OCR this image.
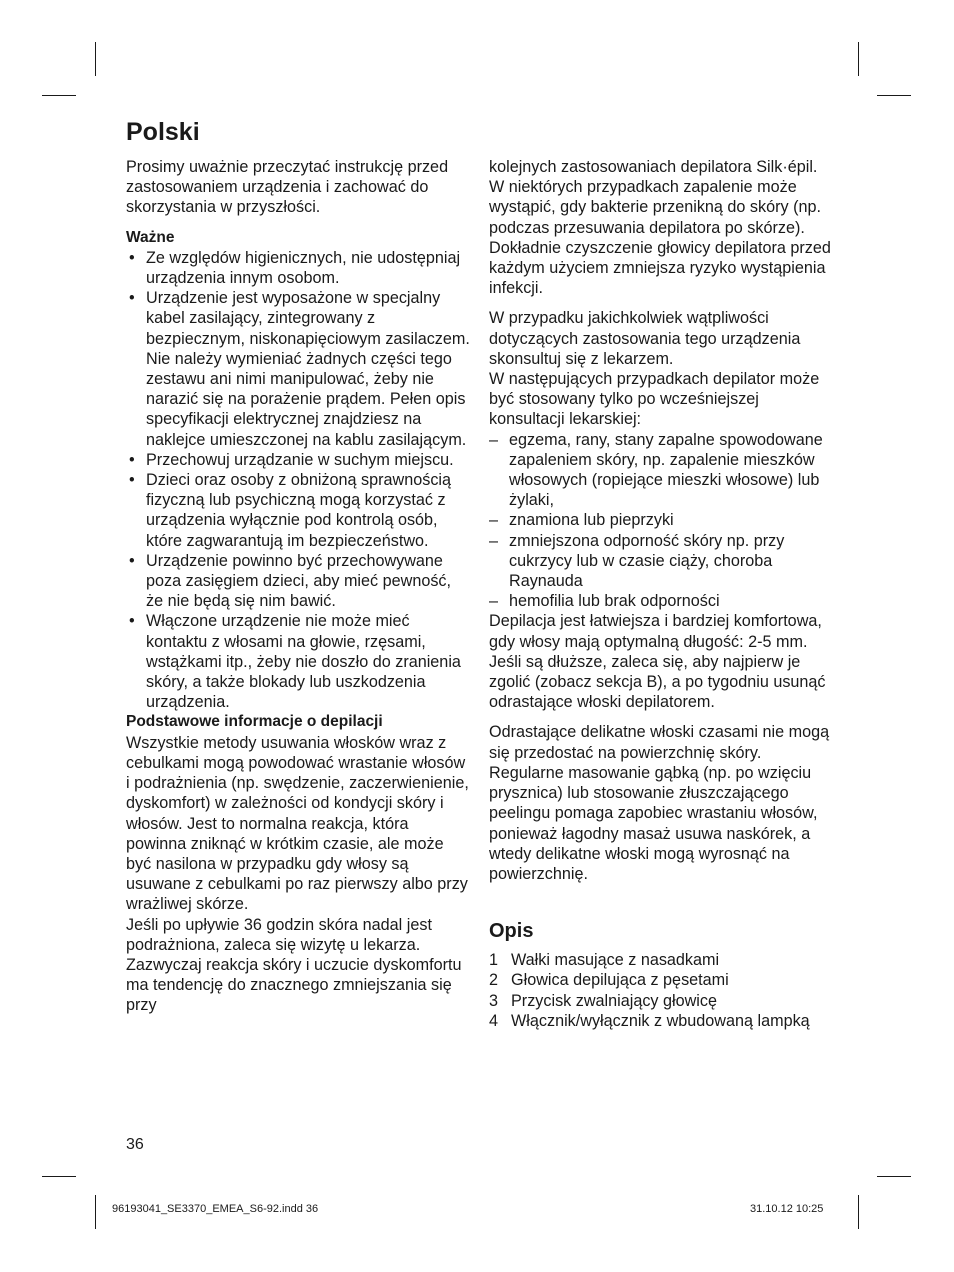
Polski

Prosimy uważnie przeczytać instrukcję przed zastosowaniem urządzenia i zachować do skorzystania w przyszłości.

Ważne

• Ze względów higienicznych, nie udostępniaj urządzenia innym osobom.
• Urządzenie jest wyposażone w specjalny kabel zasilający, zintegrowany z bezpiecznym, niskonapięciowym zasilaczem. Nie należy wymieniać żadnych części tego zestawu ani nimi manipulować, żeby nie narazić się na porażenie prądem. Pełen opis specyfikacji elektrycznej znajdziesz na naklejce umieszczonej na kablu zasilającym.
• Przechowuj urządzanie w suchym miejscu.
• Dzieci oraz osoby z obniżoną sprawnością fizyczną lub psychiczną mogą korzystać z urządzenia wyłącznie pod kontrolą osób, które zagwarantują im bezpieczeństwo.
• Urządzenie powinno być przechowywane poza zasięgiem dzieci, aby mieć pewność, że nie będą się nim bawić.
• Włączone urządzenie nie może mieć kontaktu z włosami na głowie, rzęsami, wstążkami itp., żeby nie doszło do zranienia skóry, a także blokady lub uszkodzenia urządzenia.

Podstawowe informacje o depilacji

Wszystkie metody usuwania włosków wraz z cebulkami mogą powodować wrastanie włosów i podrażnienia (np. swędzenie, zaczerwienienie, dyskomfort) w zależności od kondycji skóry i włosów. Jest to normalna reakcja, która powinna zniknąć w krótkim czasie, ale może być nasilona w przypadku gdy włosy są usuwane z cebulkami po raz pierwszy albo przy wrażliwej skórze.

Jeśli po upływie 36 godzin skóra nadal jest podrażniona, zaleca się wizytę u lekarza. Zazwyczaj reakcja skóry i uczucie dyskomfortu ma tendencję do znacznego zmniejszania się przy

kolejnych zastosowaniach depilatora Silk·épil. W niektórych przypadkach zapalenie może wystąpić, gdy bakterie przenikną do skóry (np. podczas przesuwania depilatora po skórze). Dokładnie czyszczenie głowicy depilatora przed każdym użyciem zmniejsza ryzyko wystąpienia infekcji.

W przypadku jakichkolwiek wątpliwości dotyczących zastosowania tego urządzenia skonsultuj się z lekarzem.

W następujących przypadkach depilator może być stosowany tylko po wcześniejszej konsultacji lekarskiej:

– egzema, rany, stany zapalne spowodowane zapaleniem skóry, np. zapalenie mieszków włosowych (ropiejące mieszki włosowe) lub żylaki,
– znamiona lub pieprzyki
– zmniejszona odporność skóry np. przy cukrzycy lub w czasie ciąży, choroba Raynauda
– hemofilia lub brak odporności

Depilacja jest łatwiejsza i bardziej komfortowa, gdy włosy mają optymalną długość: 2-5 mm. Jeśli są dłuższe, zaleca się, aby najpierw je zgolić (zobacz sekcja B), a po tygodniu usunąć odrastające włoski depilatorem.

Odrastające delikatne włoski czasami nie mogą się przedostać na powierzchnię skóry. Regularne masowanie gąbką (np. po wzięciu prysznica) lub stosowanie złuszczającego peelingu pomaga zapobiec wrastaniu włosów, ponieważ łagodny masaż usuwa naskórek, a wtedy delikatne włoski mogą wyrosnąć na powierzchnię.

Opis
1 Wałki masujące z nasadkami
2 Głowica depilująca z pęsetami
3 Przycisk zwalniający głowicę
4 Włącznik/wyłącznik z wbudowaną lampką
36
96193041_SE3370_EMEA_S6-92.indd 36	31.10.12 10:25
